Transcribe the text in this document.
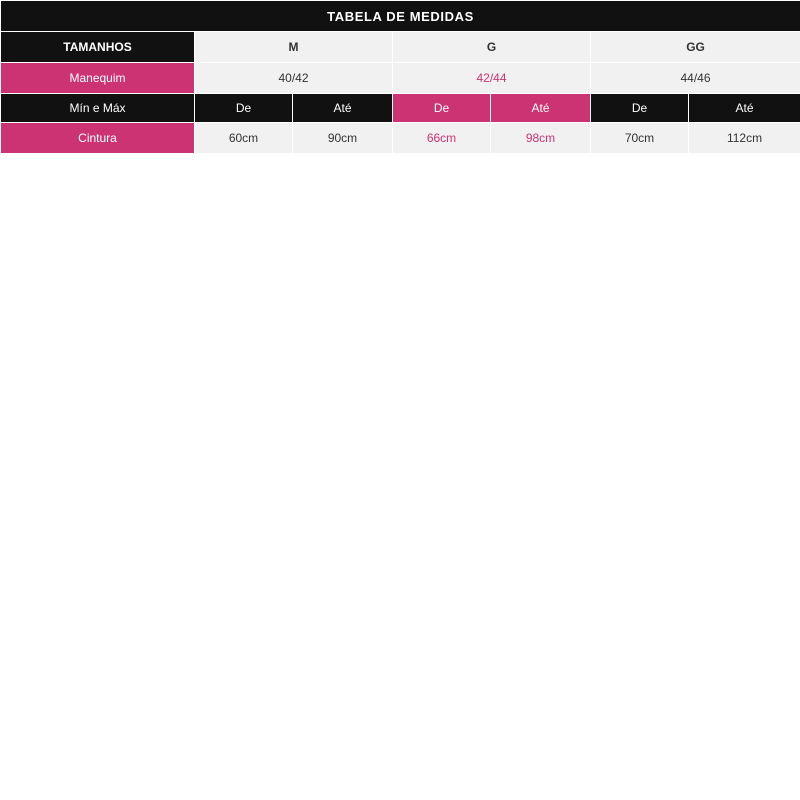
TABELA DE MEDIDAS						
TAMANHOS	M		G		GG	
Manequim	40/42		42/44		44/46	
Mín e Máx	De	Até	De	Até	De	Até
Cintura	60cm	90cm	66cm	98cm	70cm	112cm
